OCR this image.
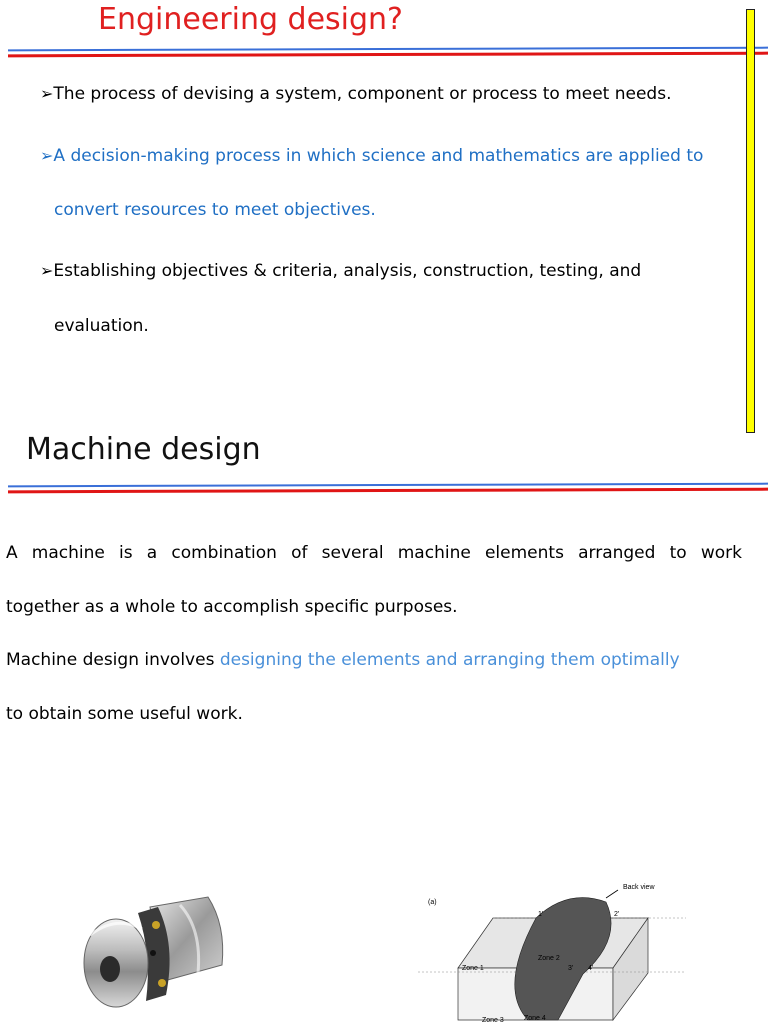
Engineering design?
➢The process of devising a system, component or process to meet needs.
➢A decision-making process in which science and mathematics are applied to
convert resources to meet objectives.
➢Establishing objectives & criteria, analysis, construction, testing, and
evaluation.
Machine design
A machine is a combination of several machine elements arranged to work
together as a whole to accomplish specific purposes.
Machine design involves designing the elements and arranging them optimally
to obtain some useful work.
(a)
Back view
1'	2'
Zone 1
Zone 2
3' 4'
Zone 3	Zone 4
